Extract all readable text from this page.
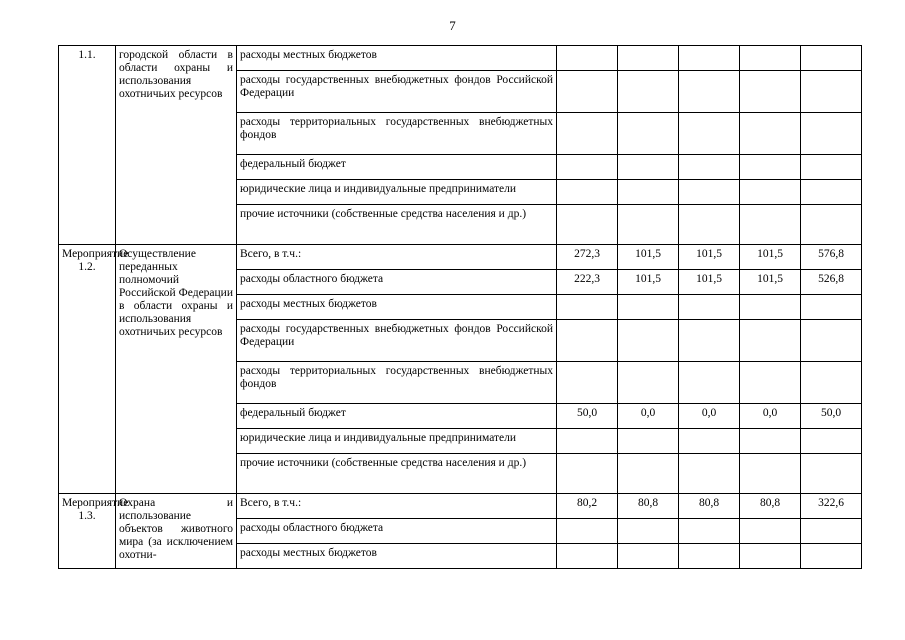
7
1.1.	городской области в области охраны и использования охотничьих ресурсов	расходы местных бюджетов					
		расходы государственных внебюджетных фондов Российской Федерации					
		расходы территориальных государственных внебюджетных фондов					
		федеральный бюджет					
		юридические лица и индивидуальные предприниматели					
		прочие источники (собственные средства населения и др.)					
Мероприятие 1.2.	Осуществление переданных полномочий Российской Федерации в области охраны и использования охотничьих ресурсов	Всего, в т.ч.:	272,3	101,5	101,5	101,5	576,8
		расходы областного бюджета	222,3	101,5	101,5	101,5	526,8
		расходы местных бюджетов					
		расходы государственных внебюджетных фондов Российской Федерации					
		расходы территориальных государственных внебюджетных фондов					
		федеральный бюджет	50,0	0,0	0,0	0,0	50,0
		юридические лица и индивидуальные предприниматели					
		прочие источники (собственные средства населения и др.)					
Мероприятие 1.3.	Охрана и использование объектов животного мира (за исключением охотни-	Всего, в т.ч.:	80,2	80,8	80,8	80,8	322,6
		расходы областного бюджета					
		расходы местных бюджетов					
